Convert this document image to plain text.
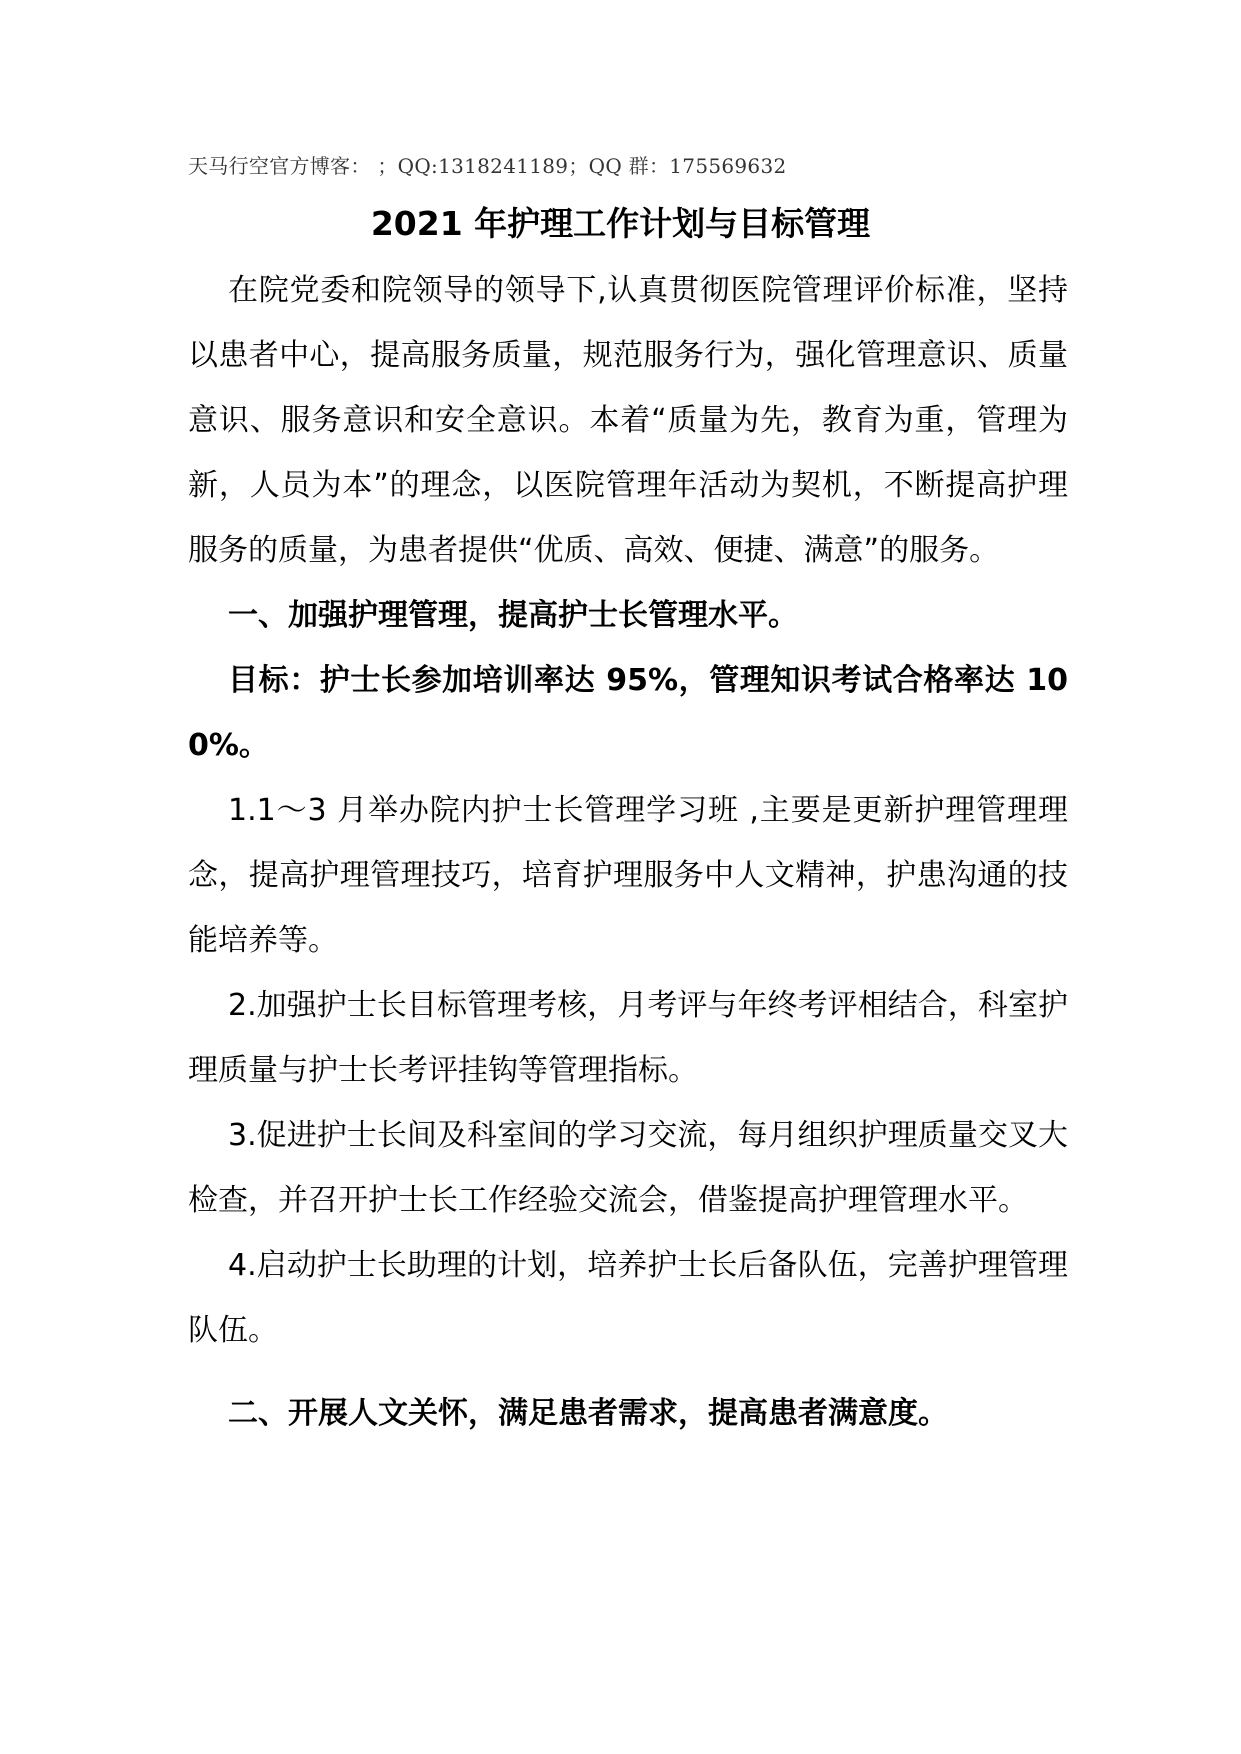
天马行空官方博客： ；QQ:1318241189；QQ 群：175569632
2021 年护理工作计划与目标管理

在院党委和院领导的领导下,认真贯彻医院管理评价标准，坚持以患者中心，提高服务质量，规范服务行为，强化管理意识、质量意识、服务意识和安全意识。本着“质量为先，教育为重，管理为新，人员为本”的理念，以医院管理年活动为契机，不断提高护理服务的质量，为患者提供“优质、高效、便捷、满意”的服务。

一、加强护理管理，提高护士长管理水平。

目标：护士长参加培训率达 95%，管理知识考试合格率达 100%。

1.1～3 月举办院内护士长管理学习班 ,主要是更新护理管理理念，提高护理管理技巧，培育护理服务中人文精神，护患沟通的技能培养等。

2.加强护士长目标管理考核，月考评与年终考评相结合，科室护理质量与护士长考评挂钩等管理指标。

3.促进护士长间及科室间的学习交流，每月组织护理质量交叉大检查，并召开护士长工作经验交流会，借鉴提高护理管理水平。

4.启动护士长助理的计划，培养护士长后备队伍，完善护理管理队伍。

二、开展人文关怀，满足患者需求，提高患者满意度。
